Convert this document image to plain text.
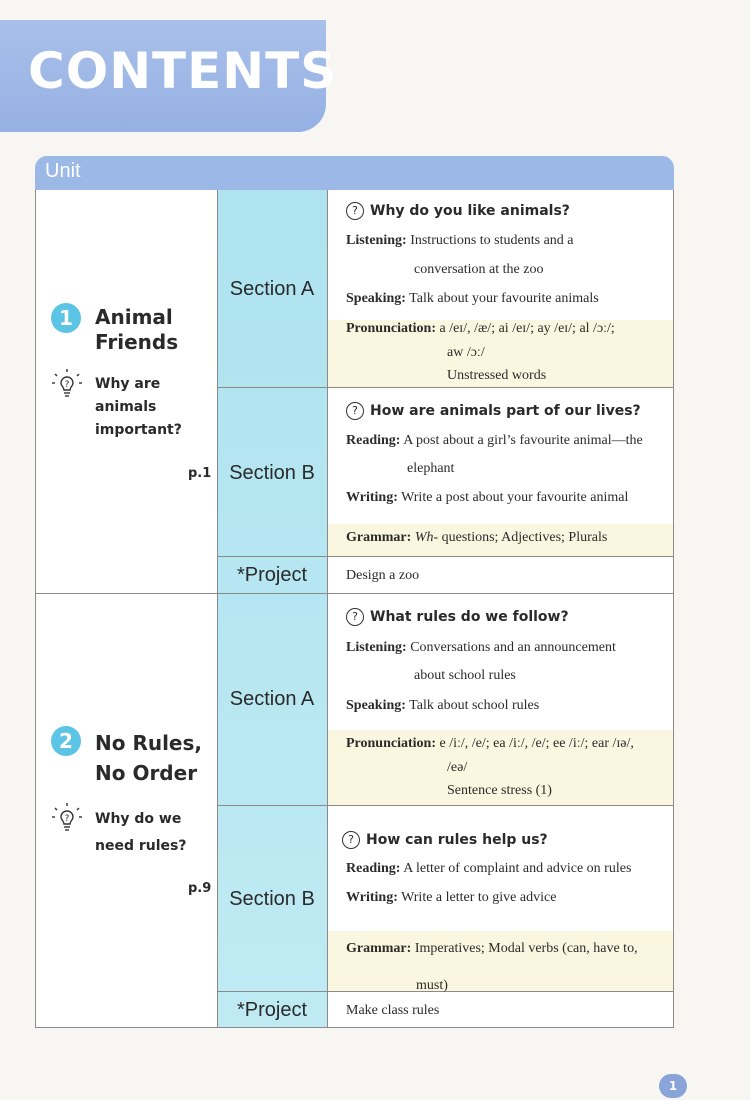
CONTENTS
Unit
1	Animal
Friends
? Why are
animals
important?
p.1
Section A
Section B
*Project
? Why do you like animals?
Listening: Instructions to students and a
conversation at the zoo
Speaking: Talk about your favourite animals
Pronunciation: a /eɪ/, /æ/; ai /eɪ/; ay /eɪ/; al /ɔː/;
aw /ɔː/
Unstressed words
? How are animals part of our lives?
Reading: A post about a girl’s favourite animal—the
elephant
Writing: Write a post about your favourite animal
Grammar: Wh- questions; Adjectives; Plurals
Design a zoo
2	No Rules,
No Order
? Why do we
need rules?
p.9
Section A
Section B
*Project
? What rules do we follow?
Listening: Conversations and an announcement
about school rules
Speaking: Talk about school rules
Pronunciation: e /iː/, /e/; ea /iː/, /e/; ee /iː/; ear /ɪə/,
/eə/
Sentence stress (1)
? How can rules help us?
Reading: A letter of complaint and advice on rules
Writing: Write a letter to give advice
Grammar: Imperatives; Modal verbs (can, have to,
must)
Make class rules
1
